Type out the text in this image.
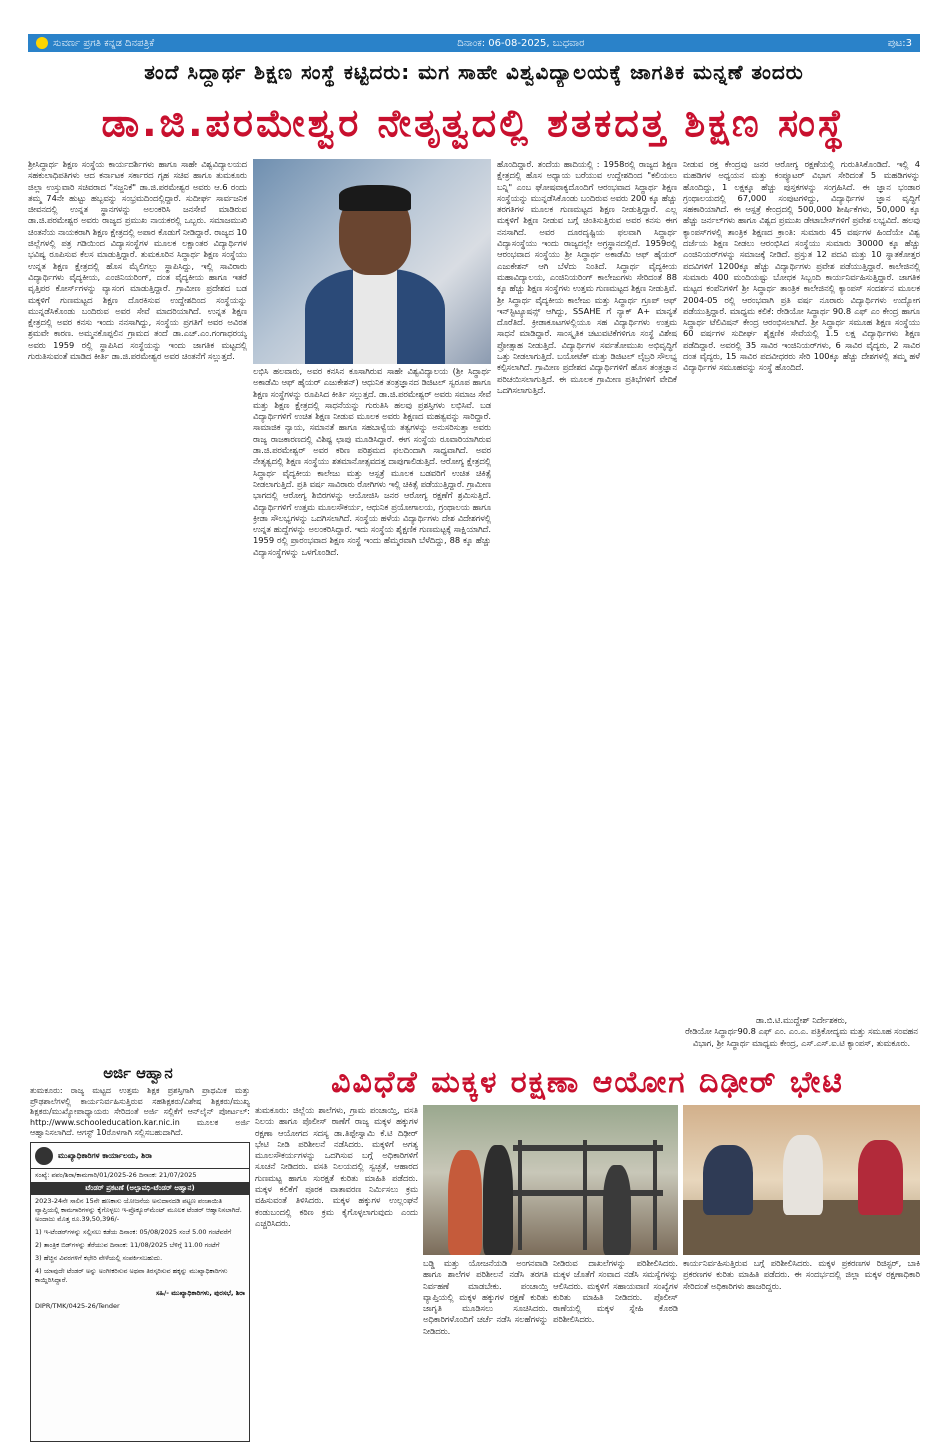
ಸುವರ್ಣ ಪ್ರಗತಿ ಕನ್ನಡ ದಿನಪತ್ರಿಕೆ	ದಿನಾಂಕ: 06-08-2025, ಬುಧವಾರ	ಪುಟ:3
ತಂದೆ ಸಿದ್ದಾರ್ಥ ಶಿಕ್ಷಣ ಸಂಸ್ಥೆ ಕಟ್ಟಿದರು: ಮಗ ಸಾಹೇ ವಿಶ್ವವಿದ್ಯಾಲಯಕ್ಕೆ ಜಾಗತಿಕ ಮನ್ನಣೆ ತಂದರು
ಡಾ.ಜಿ.ಪರಮೇಶ್ವರ ನೇತೃತ್ವದಲ್ಲಿ ಶತಕದತ್ತ ಶಿಕ್ಷಣ ಸಂಸ್ಥೆ
ಶ್ರೀಸಿದ್ಧಾರ್ಥ ಶಿಕ್ಷಣ ಸಂಸ್ಥೆಯ ಕಾರ್ಯದರ್ಶಿಗಳು ಹಾಗೂ ಸಾಹೇ ವಿಶ್ವವಿದ್ಯಾಲಯದ ಸಹಕುಲಾಧಿಪತಿಗಳು ಆದ ಕರ್ನಾಟಕ ಸರ್ಕಾರದ ಗೃಹ ಸಚಿವ ಹಾಗೂ ತುಮಕೂರು ಜಿಲ್ಲಾ ಉಸ್ತುವಾರಿ ಸಚಿವರಾದ "ಸಜ್ಜನಿಕೆ" ಡಾ.ಜಿ.ಪರಮೇಶ್ವರ ಅವರು ಆ.6 ರಂದು ತಮ್ಮ 74ನೇ ಹುಟ್ಟು ಹಬ್ಬವನ್ನು ಸಂಭ್ರಮದಿಂದಲ್ಲಿದ್ದಾರೆ. ಸುದೀರ್ಘ ಸಾರ್ವಜನಿಕ ಜೀವನದಲ್ಲಿ ಉನ್ನತ ಸ್ಥಾನಗಳನ್ನು ಅಲಂಕರಿಸಿ ಜನಸೇವೆ ಮಾಡಿರುವ ಡಾ.ಜಿ.ಪರಮೇಶ್ವರ ಅವರು ರಾಜ್ಯದ ಪ್ರಮುಖ ನಾಯಕರಲ್ಲಿ ಒಬ್ಬರು. ಸಮಾಜಮುಖಿ ಚಿಂತನೆಯ ನಾಯಕರಾಗಿ ಶಿಕ್ಷಣ ಕ್ಷೇತ್ರದಲ್ಲಿ ಅಪಾರ ಕೊಡುಗೆ ನೀಡಿದ್ದಾರೆ. ರಾಜ್ಯದ 10 ಜಿಲ್ಲೆಗಳಲ್ಲಿ ಪತ್ರ ಗಡಿಯಿಂದ ವಿದ್ಯಾಸಂಸ್ಥೆಗಳ ಮೂಲಕ ಲಕ್ಷಾಂತರ ವಿದ್ಯಾರ್ಥಿಗಳ ಭವಿಷ್ಯ ರೂಪಿಸುವ ಕೆಲಸ ಮಾಡುತ್ತಿದ್ದಾರೆ. ತುಮಕೂರಿನ ಸಿದ್ಧಾರ್ಥ ಶಿಕ್ಷಣ ಸಂಸ್ಥೆಯು ಉನ್ನತ ಶಿಕ್ಷಣ ಕ್ಷೇತ್ರದಲ್ಲಿ ಹೊಸ ಮೈಲಿಗಲ್ಲು ಸ್ಥಾಪಿಸಿದ್ದು, ಇಲ್ಲಿ ಸಾವಿರಾರು ವಿದ್ಯಾರ್ಥಿಗಳು ವೈದ್ಯಕೀಯ, ಎಂಜಿನಿಯರಿಂಗ್, ದಂತ ವೈದ್ಯಕೀಯ ಹಾಗೂ ಇತರೆ ವೃತ್ತಿಪರ ಕೋರ್ಸ್‌ಗಳನ್ನು ವ್ಯಾಸಂಗ ಮಾಡುತ್ತಿದ್ದಾರೆ. ಗ್ರಾಮೀಣ ಪ್ರದೇಶದ ಬಡ ಮಕ್ಕಳಿಗೆ ಗುಣಮಟ್ಟದ ಶಿಕ್ಷಣ ದೊರಕಿಸುವ ಉದ್ದೇಶದಿಂದ ಸಂಸ್ಥೆಯನ್ನು ಮುನ್ನಡೆಸಿಕೊಂಡು ಬಂದಿರುವ ಅವರ ಸೇವೆ ಮಾದರಿಯಾಗಿದೆ. ಉನ್ನತ ಶಿಕ್ಷಣ ಕ್ಷೇತ್ರದಲ್ಲಿ ಅವರ ಕನಸು ಇಂದು ನನಸಾಗಿದ್ದು, ಸಂಸ್ಥೆಯ ಪ್ರಗತಿಗೆ ಅವರ ಅವಿರತ ಶ್ರಮವೇ ಕಾರಣ. ಅಮ್ಮನಕೊಪ್ಪಲಿನ ಗ್ರಾಮದ ತಂದೆ ಡಾ.ಎಚ್.ಎಂ.ಗಂಗಾಧರಯ್ಯ ಅವರು 1959 ರಲ್ಲಿ ಸ್ಥಾಪಿಸಿದ ಸಂಸ್ಥೆಯನ್ನು ಇಂದು ಜಾಗತಿಕ ಮಟ್ಟದಲ್ಲಿ ಗುರುತಿಸುವಂತೆ ಮಾಡಿದ ಕೀರ್ತಿ ಡಾ.ಜಿ.ಪರಮೇಶ್ವರ ಅವರ ಚಿಂತನೆಗೆ ಸಲ್ಲುತ್ತದೆ.
ಲಭಿಸಿ ಹಲವಾರು, ಅವರ ಕನಸಿನ ಕೂಸಾಗಿರುವ ಸಾಹೇ ವಿಶ್ವವಿದ್ಯಾಲಯ (ಶ್ರೀ ಸಿದ್ಧಾರ್ಥ ಅಕಾಡೆಮಿ ಆಫ್ ಹೈಯರ್ ಎಜುಕೇಶನ್) ಆಧುನಿಕ ತಂತ್ರಜ್ಞಾನದ ಡಿಜಿಟಲ್ ಸ್ವರೂಪ ಹಾಗೂ ಶಿಕ್ಷಣ ಸಂಸ್ಥೆಗಳನ್ನು ರೂಪಿಸಿದ ಕೀರ್ತಿ ಸಲ್ಲುತ್ತದೆ. ಡಾ.ಜಿ.ಪರಮೇಶ್ವರ್ ಅವರು ಸಮಾಜ ಸೇವೆ ಮತ್ತು ಶಿಕ್ಷಣ ಕ್ಷೇತ್ರದಲ್ಲಿ ಸಾಧನೆಯನ್ನು ಗುರುತಿಸಿ ಹಲವು ಪ್ರಶಸ್ತಿಗಳು ಲಭಿಸಿವೆ. ಬಡ ವಿದ್ಯಾರ್ಥಿಗಳಿಗೆ ಉಚಿತ ಶಿಕ್ಷಣ ನೀಡುವ ಮೂಲಕ ಅವರು ಶಿಕ್ಷಣದ ಮಹತ್ವವನ್ನು ಸಾರಿದ್ದಾರೆ. ಸಾಮಾಜಿಕ ನ್ಯಾಯ, ಸಮಾನತೆ ಹಾಗೂ ಸಹಬಾಳ್ವೆಯ ತತ್ವಗಳನ್ನು ಅನುಸರಿಸುತ್ತಾ ಅವರು ರಾಜ್ಯ ರಾಜಕಾರಣದಲ್ಲಿ ವಿಶಿಷ್ಟ ಛಾಪು ಮೂಡಿಸಿದ್ದಾರೆ. ಈಗ ಸಂಸ್ಥೆಯ ರೂವಾರಿಯಾಗಿರುವ ಡಾ.ಜಿ.ಪರಮೇಶ್ವರ್ ಅವರ ಕಠಿಣ ಪರಿಶ್ರಮದ ಫಲದಿಂದಾಗಿ ಸಾಧ್ಯವಾಗಿದೆ. ಅವರ ನೇತೃತ್ವದಲ್ಲಿ ಶಿಕ್ಷಣ ಸಂಸ್ಥೆಯು ಶತಮಾನೋತ್ಸವದತ್ತ ದಾಪುಗಾಲಿಡುತ್ತಿದೆ. ಆರೋಗ್ಯ ಕ್ಷೇತ್ರದಲ್ಲಿ ಸಿದ್ಧಾರ್ಥ ವೈದ್ಯಕೀಯ ಕಾಲೇಜು ಮತ್ತು ಆಸ್ಪತ್ರೆ ಮೂಲಕ ಬಡವರಿಗೆ ಉಚಿತ ಚಿಕಿತ್ಸೆ ನೀಡಲಾಗುತ್ತಿದೆ. ಪ್ರತಿ ವರ್ಷ ಸಾವಿರಾರು ರೋಗಿಗಳು ಇಲ್ಲಿ ಚಿಕಿತ್ಸೆ ಪಡೆಯುತ್ತಿದ್ದಾರೆ. ಗ್ರಾಮೀಣ ಭಾಗದಲ್ಲಿ ಆರೋಗ್ಯ ಶಿಬಿರಗಳನ್ನು ಆಯೋಜಿಸಿ ಜನರ ಆರೋಗ್ಯ ರಕ್ಷಣೆಗೆ ಶ್ರಮಿಸುತ್ತಿದೆ. ವಿದ್ಯಾರ್ಥಿಗಳಿಗೆ ಉತ್ತಮ ಮೂಲಸೌಕರ್ಯ, ಆಧುನಿಕ ಪ್ರಯೋಗಾಲಯ, ಗ್ರಂಥಾಲಯ ಹಾಗೂ ಕ್ರೀಡಾ ಸೌಲಭ್ಯಗಳನ್ನು ಒದಗಿಸಲಾಗಿದೆ. ಸಂಸ್ಥೆಯ ಹಳೆಯ ವಿದ್ಯಾರ್ಥಿಗಳು ದೇಶ ವಿದೇಶಗಳಲ್ಲಿ ಉನ್ನತ ಹುದ್ದೆಗಳನ್ನು ಅಲಂಕರಿಸಿದ್ದಾರೆ. ಇದು ಸಂಸ್ಥೆಯ ಶೈಕ್ಷಣಿಕ ಗುಣಮಟ್ಟಕ್ಕೆ ಸಾಕ್ಷಿಯಾಗಿದೆ. 1959 ರಲ್ಲಿ ಪ್ರಾರಂಭವಾದ ಶಿಕ್ಷಣ ಸಂಸ್ಥೆ ಇಂದು ಹೆಮ್ಮರವಾಗಿ ಬೆಳೆದಿದ್ದು, 88 ಕ್ಕೂ ಹೆಚ್ಚು ವಿದ್ಯಾಸಂಸ್ಥೆಗಳನ್ನು ಒಳಗೊಂಡಿದೆ.
ಹೊಂದಿದ್ದಾರೆ. ತಂದೆಯ ಹಾದಿಯಲ್ಲಿ : 1958ರಲ್ಲಿ ರಾಜ್ಯದ ಶಿಕ್ಷಣ ಕ್ಷೇತ್ರದಲ್ಲಿ ಹೊಸ ಅಧ್ಯಾಯ ಬರೆಯುವ ಉದ್ದೇಶದಿಂದ "ಕಲಿಯಲು ಬನ್ನಿ" ಎಂಬ ಘೋಷವಾಕ್ಯದೊಂದಿಗೆ ಆರಂಭವಾದ ಸಿದ್ಧಾರ್ಥ ಶಿಕ್ಷಣ ಸಂಸ್ಥೆಯನ್ನು ಮುನ್ನಡೆಸಿಕೊಂಡು ಬಂದಿರುವ ಅವರು 200 ಕ್ಕೂ ಹೆಚ್ಚು ತರಗತಿಗಳ ಮೂಲಕ ಗುಣಮಟ್ಟದ ಶಿಕ್ಷಣ ನೀಡುತ್ತಿದ್ದಾರೆ. ಎಲ್ಲ ಮಕ್ಕಳಿಗೆ ಶಿಕ್ಷಣ ನೀಡುವ ಬಗ್ಗೆ ಚಿಂತಿಸುತ್ತಿರುವ ಅವರ ಕನಸು ಈಗ ನನಸಾಗಿದೆ. ಅವರ ದೂರದೃಷ್ಟಿಯ ಫಲವಾಗಿ ಸಿದ್ಧಾರ್ಥ ವಿದ್ಯಾಸಂಸ್ಥೆಯು ಇಂದು ರಾಜ್ಯದಲ್ಲೇ ಅಗ್ರಸ್ಥಾನದಲ್ಲಿದೆ. 1959ರಲ್ಲಿ ಆರಂಭವಾದ ಸಂಸ್ಥೆಯು ಶ್ರೀ ಸಿದ್ಧಾರ್ಥ ಅಕಾಡೆಮಿ ಆಫ್ ಹೈಯರ್ ಎಜುಕೇಶನ್ ಆಗಿ ಬೆಳೆದು ನಿಂತಿದೆ. ಸಿದ್ಧಾರ್ಥ ವೈದ್ಯಕೀಯ ಮಹಾವಿದ್ಯಾಲಯ, ಎಂಜಿನಿಯರಿಂಗ್ ಕಾಲೇಜುಗಳು ಸೇರಿದಂತೆ 88 ಕ್ಕೂ ಹೆಚ್ಚು ಶಿಕ್ಷಣ ಸಂಸ್ಥೆಗಳು ಉತ್ತಮ ಗುಣಮಟ್ಟದ ಶಿಕ್ಷಣ ನೀಡುತ್ತಿವೆ. ಶ್ರೀ ಸಿದ್ಧಾರ್ಥ ವೈದ್ಯಕೀಯ ಕಾಲೇಜು ಮತ್ತು ಸಿದ್ಧಾರ್ಥ ಗ್ರೂಪ್ ಆಫ್ ಇನ್‌ಸ್ಟಿಟ್ಯೂಷನ್ಸ್ ಆಗಿದ್ದು, SSAHE ಗೆ ನ್ಯಾಕ್ A+ ಮಾನ್ಯತೆ ದೊರೆತಿದೆ. ಕ್ರೀಡಾಕೂಟಗಳಲ್ಲಿಯೂ ಸಹ ವಿದ್ಯಾರ್ಥಿಗಳು ಉತ್ತಮ ಸಾಧನೆ ಮಾಡಿದ್ದಾರೆ. ಸಾಂಸ್ಕೃತಿಕ ಚಟುವಟಿಕೆಗಳಿಗೂ ಸಂಸ್ಥೆ ವಿಶೇಷ ಪ್ರೋತ್ಸಾಹ ನೀಡುತ್ತಿದೆ. ವಿದ್ಯಾರ್ಥಿಗಳ ಸರ್ವತೋಮುಖ ಅಭಿವೃದ್ಧಿಗೆ ಒತ್ತು ನೀಡಲಾಗುತ್ತಿದೆ. ಬಯೋಟೆಕ್ ಮತ್ತು ಡಿಜಿಟಲ್ ಲೈಬ್ರರಿ ಸೌಲಭ್ಯ ಕಲ್ಪಿಸಲಾಗಿದೆ. ಗ್ರಾಮೀಣ ಪ್ರದೇಶದ ವಿದ್ಯಾರ್ಥಿಗಳಿಗೆ ಹೊಸ ತಂತ್ರಜ್ಞಾನ ಪರಿಚಯಿಸಲಾಗುತ್ತಿದೆ. ಈ ಮೂಲಕ ಗ್ರಾಮೀಣ ಪ್ರತಿಭೆಗಳಿಗೆ ವೇದಿಕೆ ಒದಗಿಸಲಾಗುತ್ತಿದೆ.
ನೀಡುವ ರಕ್ತ ಕೇಂದ್ರವು ಜನರ ಆರೋಗ್ಯ ರಕ್ಷಣೆಯಲ್ಲಿ ಗುರುತಿಸಿಕೊಂಡಿದೆ. ಇಲ್ಲಿ 4 ಮಹಡಿಗಳ ಅಧ್ಯಯನ ಮತ್ತು ಕಂಪ್ಯೂಟರ್ ವಿಭಾಗ ಸೇರಿದಂತೆ 5 ಮಹಡಿಗಳನ್ನು ಹೊಂದಿದ್ದು, 1 ಲಕ್ಷಕ್ಕೂ ಹೆಚ್ಚು ಪುಸ್ತಕಗಳನ್ನು ಸಂಗ್ರಹಿಸಿದೆ. ಈ ಜ್ಞಾನ ಭಂಡಾರ ಗ್ರಂಥಾಲಯದಲ್ಲಿ 67,000 ಸಂಪುಟಗಳಿದ್ದು, ವಿದ್ಯಾರ್ಥಿಗಳ ಜ್ಞಾನ ವೃದ್ಧಿಗೆ ಸಹಕಾರಿಯಾಗಿದೆ. ಈ ಆಸ್ಪತ್ರೆ ಕೇಂದ್ರದಲ್ಲಿ 500,000 ಶೀರ್ಷಿಕೆಗಳು, 50,000 ಕ್ಕೂ ಹೆಚ್ಚು ಜರ್ನಲ್‌ಗಳು ಹಾಗೂ ವಿಶ್ವದ ಪ್ರಮುಖ ಡೇಟಾಬೇಸ್‌ಗಳಿಗೆ ಪ್ರವೇಶ ಲಭ್ಯವಿದೆ. ಹಲವು ಕ್ಯಾಂಪಸ್‌ಗಳಲ್ಲಿ ತಾಂತ್ರಿಕ ಶಿಕ್ಷಣದ ಕ್ರಾಂತಿ: ಸುಮಾರು 45 ವರ್ಷಗಳ ಹಿಂದೆಯೇ ವಿಶ್ವ ದರ್ಜೆಯ ಶಿಕ್ಷಣ ನೀಡಲು ಆರಂಭಿಸಿದ ಸಂಸ್ಥೆಯು ಸುಮಾರು 30000 ಕ್ಕೂ ಹೆಚ್ಚು ಎಂಜಿನಿಯರ್‌ಗಳನ್ನು ಸಮಾಜಕ್ಕೆ ನೀಡಿದೆ. ಪ್ರಸ್ತುತ 12 ಪದವಿ ಮತ್ತು 10 ಸ್ನಾತಕೋತ್ತರ ಪದವಿಗಳಿಗೆ 1200ಕ್ಕೂ ಹೆಚ್ಚು ವಿದ್ಯಾರ್ಥಿಗಳು ಪ್ರವೇಶ ಪಡೆಯುತ್ತಿದ್ದಾರೆ. ಕಾಲೇಜಿನಲ್ಲಿ ಸುಮಾರು 400 ಮಂದಿಯಷ್ಟು ಬೋಧಕ ಸಿಬ್ಬಂದಿ ಕಾರ್ಯನಿರ್ವಹಿಸುತ್ತಿದ್ದಾರೆ. ಜಾಗತಿಕ ಮಟ್ಟದ ಕಂಪೆನಿಗಳಿಗೆ ಶ್ರೀ ಸಿದ್ಧಾರ್ಥ ತಾಂತ್ರಿಕ ಕಾಲೇಜಿನಲ್ಲಿ ಕ್ಯಾಂಪಸ್ ಸಂದರ್ಶನ ಮೂಲಕ 2004-05 ರಲ್ಲಿ ಆರಂಭವಾಗಿ ಪ್ರತಿ ವರ್ಷ ನೂರಾರು ವಿದ್ಯಾರ್ಥಿಗಳು ಉದ್ಯೋಗ ಪಡೆಯುತ್ತಿದ್ದಾರೆ. ಮಾಧ್ಯಮ ಕಲಿಕೆ: ರೇಡಿಯೋ ಸಿದ್ಧಾರ್ಥ 90.8 ಎಫ್ ಎಂ ಕೇಂದ್ರ ಹಾಗೂ ಸಿದ್ಧಾರ್ಥ ಟೆಲಿವಿಷನ್ ಕೇಂದ್ರ ಆರಂಭಿಸಲಾಗಿದೆ. ಶ್ರೀ ಸಿದ್ಧಾರ್ಥ ಸಮೂಹ ಶಿಕ್ಷಣ ಸಂಸ್ಥೆಯು 60 ವರ್ಷಗಳ ಸುದೀರ್ಘ ಶೈಕ್ಷಣಿಕ ಸೇವೆಯಲ್ಲಿ 1.5 ಲಕ್ಷ ವಿದ್ಯಾರ್ಥಿಗಳು ಶಿಕ್ಷಣ ಪಡೆದಿದ್ದಾರೆ. ಅವರಲ್ಲಿ 35 ಸಾವಿರ ಇಂಜಿನಿಯರ್‌ಗಳು, 6 ಸಾವಿರ ವೈದ್ಯರು, 2 ಸಾವಿರ ದಂತ ವೈದ್ಯರು, 15 ಸಾವಿರ ಪದವೀಧರರು ಸೇರಿ 100ಕ್ಕೂ ಹೆಚ್ಚು ದೇಶಗಳಲ್ಲಿ ತಮ್ಮ ಹಳೆ ವಿದ್ಯಾರ್ಥಿಗಳ ಸಮೂಹವನ್ನು ಸಂಸ್ಥೆ ಹೊಂದಿದೆ.
ಡಾ.ಬಿ.ಟಿ.ಮುದ್ದೇಶ್ ನಿರ್ದೇಶಕರು,
ರೇಡಿಯೋ ಸಿದ್ಧಾರ್ಥ90.8 ಎಫ್ ಎಂ. ಎಂ.ಎ. ಪತ್ರಿಕೋದ್ಯಮ ಮತ್ತು ಸಮೂಹ ಸಂವಹನ ವಿಭಾಗ, ಶ್ರೀ ಸಿದ್ಧಾರ್ಥ ಮಾಧ್ಯಮ ಕೇಂದ್ರ, ಎಸ್.ಎಸ್.ಐ.ಟಿ ಕ್ಯಾಂಪಸ್, ತುಮಕೂರು.
ಅರ್ಜಿ ಆಹ್ವಾನ
ತುಮಕೂರು: ರಾಜ್ಯ ಮಟ್ಟದ ಉತ್ತಮ ಶಿಕ್ಷಕ ಪ್ರಶಸ್ತಿಗಾಗಿ ಪ್ರಾಥಮಿಕ ಮತ್ತು ಪ್ರೌಢಶಾಲೆಗಳಲ್ಲಿ ಕಾರ್ಯನಿರ್ವಹಿಸುತ್ತಿರುವ ಸಹಶಿಕ್ಷಕರು/ವಿಶೇಷ ಶಿಕ್ಷಕರು/ಮುಖ್ಯ ಶಿಕ್ಷಕರು/ಮುಖ್ಯೋಪಾಧ್ಯಾಯರು ಸೇರಿದಂತೆ ಅರ್ಜಿ ಸಲ್ಲಿಕೆಗೆ ಆನ್‌ಲೈನ್ ಪೋರ್ಟಲ್: http://www.schooleducation.kar.nic.in ಮೂಲಕ ಅರ್ಜಿ ಆಹ್ವಾನಿಸಲಾಗಿದೆ. ಆಗಸ್ಟ್ 10ರೊಳಗಾಗಿ ಸಲ್ಲಿಸಬಹುದಾಗಿದೆ.
ಮುಖ್ಯಾಧಿಕಾರಿಗಳ ಕಾರ್ಯಾಲಯ, ಶಿರಾ
ಸಂಖ್ಯೆ: ಪಪಂ/ಶಿರಾ/ಕಾಮಗಾರಿ/01/2025-26 ದಿನಾಂಕ: 21/07/2025
ಟೆಂಡರ್ ಪ್ರಕಟಣೆ (ಅಲ್ಪಾವಧಿ-ಟೆಂಡರ್ ಆಹ್ವಾನ)
2023-24ನೇ ಸಾಲಿನ 15ನೇ ಹಣಕಾಸು ಯೋಜನೆಯ ಅನುದಾನದಡಿ ಪಟ್ಟಣ ಪಂಚಾಯಿತಿ ವ್ಯಾಪ್ತಿಯಲ್ಲಿ ಕಾಮಗಾರಿಗಳನ್ನು ಕೈಗೊಳ್ಳಲು ಇ-ಪ್ರೊಕ್ಯೂರ್‌ಮೆಂಟ್ ಮೂಲಕ ಟೆಂಡರ್ ಆಹ್ವಾನಿಸಲಾಗಿದೆ. ಅಂದಾಜು ಮೊತ್ತ ರೂ.39,50,396/-
1) ಇ-ಟೆಂಡರ್‌ಗಳನ್ನು ಸಲ್ಲಿಸಲು ಕಡೆಯ ದಿನಾಂಕ: 05/08/2025 ಸಂಜೆ 5.00 ಗಂಟೆವರೆಗೆ
2) ತಾಂತ್ರಿಕ ಬಿಡ್‌ಗಳನ್ನು ತೆರೆಯುವ ದಿನಾಂಕ: 11/08/2025 ಬೆಳಿಗ್ಗೆ 11.00 ಗಂಟೆಗೆ
3) ಹೆಚ್ಚಿನ ವಿವರಗಳಿಗೆ ಕಛೇರಿ ವೇಳೆಯಲ್ಲಿ ಸಂಪರ್ಕಿಸಬಹುದು.
4) ಯಾವುದೇ ಟೆಂಡರ್ ಅನ್ನು ಅಂಗೀಕರಿಸುವ ಅಥವಾ ತಿರಸ್ಕರಿಸುವ ಹಕ್ಕನ್ನು ಮುಖ್ಯಾಧಿಕಾರಿಗಳು ಕಾಯ್ದಿರಿಸಿದ್ದಾರೆ.
ಸಹಿ/- ಮುಖ್ಯಾಧಿಕಾರಿಗಳು, ಪುರಸಭೆ, ಶಿರಾ
DIPR/TMK/0425-26/Tender
ವಿವಿಧೆಡೆ ಮಕ್ಕಳ ರಕ್ಷಣಾ ಆಯೋಗ ದಿಢೀರ್ ಭೇಟಿ
ತುಮಕೂರು: ಜಿಲ್ಲೆಯ ಶಾಲೆಗಳು, ಗ್ರಾಮ ಪಂಚಾಯ್ತಿ, ವಸತಿ ನಿಲಯ ಹಾಗೂ ಪೊಲೀಸ್ ಠಾಣೆಗೆ ರಾಜ್ಯ ಮಕ್ಕಳ ಹಕ್ಕುಗಳ ರಕ್ಷಣಾ ಆಯೋಗದ ಸದಸ್ಯ ಡಾ.ತಿಪ್ಪೇಸ್ವಾಮಿ ಕೆ.ಟಿ ದಿಢೀರ್ ಭೇಟಿ ನೀಡಿ ಪರಿಶೀಲನೆ ನಡೆಸಿದರು. ಮಕ್ಕಳಿಗೆ ಅಗತ್ಯ ಮೂಲಸೌಕರ್ಯಗಳನ್ನು ಒದಗಿಸುವ ಬಗ್ಗೆ ಅಧಿಕಾರಿಗಳಿಗೆ ಸೂಚನೆ ನೀಡಿದರು. ವಸತಿ ನಿಲಯದಲ್ಲಿ ಸ್ವಚ್ಛತೆ, ಆಹಾರದ ಗುಣಮಟ್ಟ ಹಾಗೂ ಸುರಕ್ಷತೆ ಕುರಿತು ಮಾಹಿತಿ ಪಡೆದರು. ಮಕ್ಕಳ ಕಲಿಕೆಗೆ ಪೂರಕ ವಾತಾವರಣ ನಿರ್ಮಿಸಲು ಕ್ರಮ ವಹಿಸುವಂತೆ ತಿಳಿಸಿದರು. ಮಕ್ಕಳ ಹಕ್ಕುಗಳ ಉಲ್ಲಂಘನೆ ಕಂಡುಬಂದಲ್ಲಿ ಕಠಿಣ ಕ್ರಮ ಕೈಗೊಳ್ಳಲಾಗುವುದು ಎಂದು ಎಚ್ಚರಿಸಿದರು.
ಬಡ್ಡಿ ಮತ್ತು ಯೋಜನೆಯಡಿ ಅಂಗನವಾಡಿ ಹಾಗೂ ಶಾಲೆಗಳ ಪರಿಶೀಲನೆ ನಡೆಸಿ ತರಗತಿ ನಿರ್ವಹಣೆ ಮಾಡಬೇಕು. ಪಂಚಾಯ್ತಿ ವ್ಯಾಪ್ತಿಯಲ್ಲಿ ಮಕ್ಕಳ ಹಕ್ಕುಗಳ ರಕ್ಷಣೆ ಕುರಿತು ಜಾಗೃತಿ ಮೂಡಿಸಲು ಸೂಚಿಸಿದರು. ಅಧಿಕಾರಿಗಳೊಂದಿಗೆ ಚರ್ಚೆ ನಡೆಸಿ ಸಲಹೆಗಳನ್ನು ನೀಡಿದರು.
ನೀಡಿರುವ ದಾಖಲೆಗಳನ್ನು ಪರಿಶೀಲಿಸಿದರು. ಮಕ್ಕಳ ಜೊತೆಗೆ ಸಂವಾದ ನಡೆಸಿ ಸಮಸ್ಯೆಗಳನ್ನು ಆಲಿಸಿದರು. ಮಕ್ಕಳಿಗೆ ಸಹಾಯವಾಣಿ ಸಂಖ್ಯೆಗಳ ಕುರಿತು ಮಾಹಿತಿ ನೀಡಿದರು. ಪೊಲೀಸ್ ಠಾಣೆಯಲ್ಲಿ ಮಕ್ಕಳ ಸ್ನೇಹಿ ಕೊಠಡಿ ಪರಿಶೀಲಿಸಿದರು.
ಕಾರ್ಯನಿರ್ವಹಿಸುತ್ತಿರುವ ಬಗ್ಗೆ ಪರಿಶೀಲಿಸಿದರು. ಮಕ್ಕಳ ಪ್ರಕರಣಗಳ ರಿಜಿಸ್ಟರ್, ಬಾಕಿ ಪ್ರಕರಣಗಳ ಕುರಿತು ಮಾಹಿತಿ ಪಡೆದರು. ಈ ಸಂದರ್ಭದಲ್ಲಿ ಜಿಲ್ಲಾ ಮಕ್ಕಳ ರಕ್ಷಣಾಧಿಕಾರಿ ಸೇರಿದಂತೆ ಅಧಿಕಾರಿಗಳು ಹಾಜರಿದ್ದರು.
